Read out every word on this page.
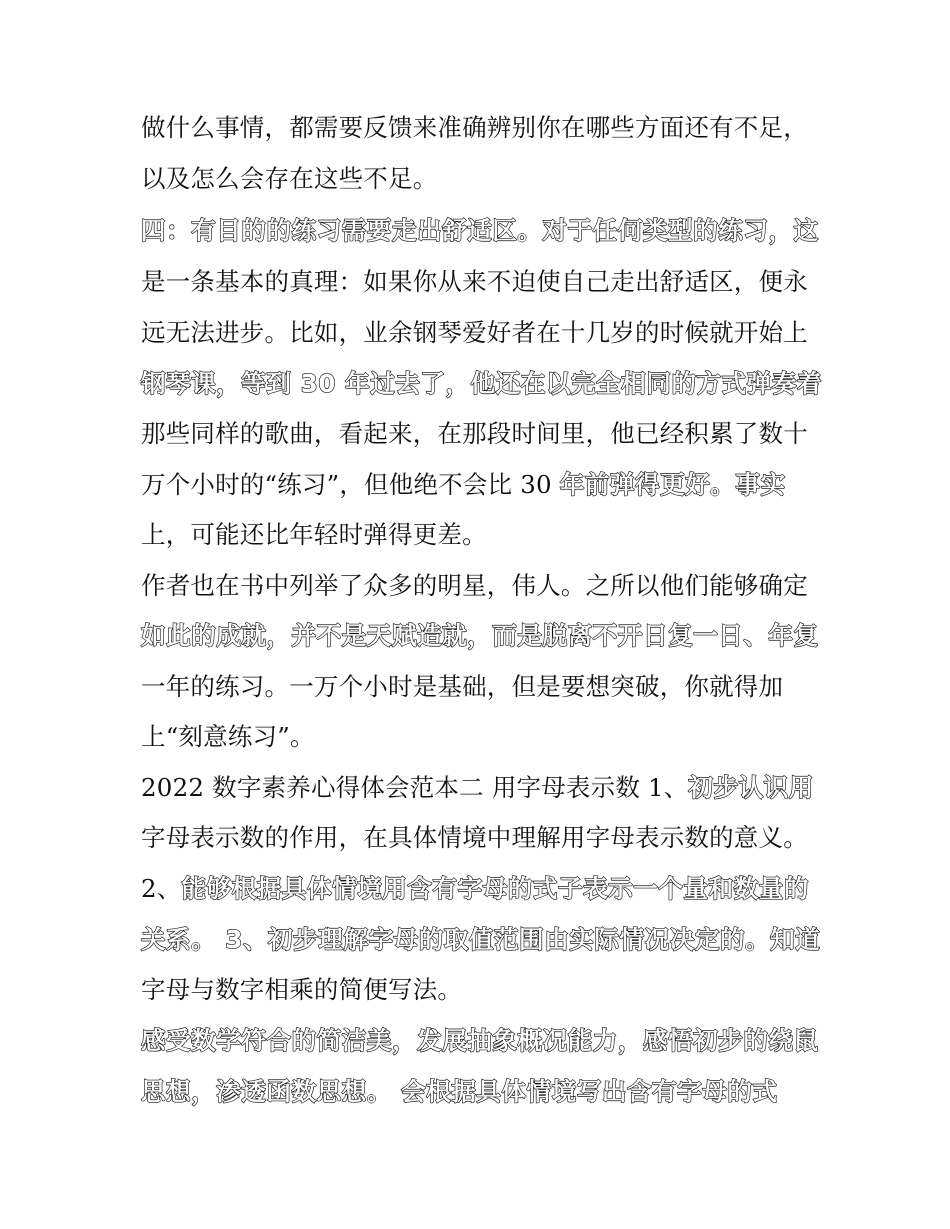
做什么事情，都需要反馈来准确辨别你在哪些方面还有不足，
以及怎么会存在这些不足。
四：有目的的练习需要走出舒适区。对于任何类型的练习，这
是一条基本的真理：如果你从来不迫使自己走出舒适区，便永
远无法进步。比如，业余钢琴爱好者在十几岁的时候就开始上
钢琴课，等到 30 年过去了，他还在以完全相同的方式弹奏着
那些同样的歌曲，看起来，在那段时间里，他已经积累了数十
万个小时的“练习”，但他绝不会比 30 年前弹得更好。事实
上，可能还比年轻时弹得更差。
作者也在书中列举了众多的明星，伟人。之所以他们能够确定
如此的成就，并不是天赋造就，而是脱离不开日复一日、年复
一年的练习。一万个小时是基础，但是要想突破，你就得加
上“刻意练习”。
2022 数字素养心得体会范本二 用字母表示数 1、初步认识用
字母表示数的作用，在具体情境中理解用字母表示数的意义。
2、能够根据具体情境用含有字母的式子表示一个量和数量的
关系。 3、初步理解字母的取值范围由实际情况决定的。知道
字母与数字相乘的简便写法。
感受数学符合的简洁美，发展抽象概况能力，感悟初步的绕鼠
思想，渗透函数思想。 会根据具体情境写出含有字母的式
